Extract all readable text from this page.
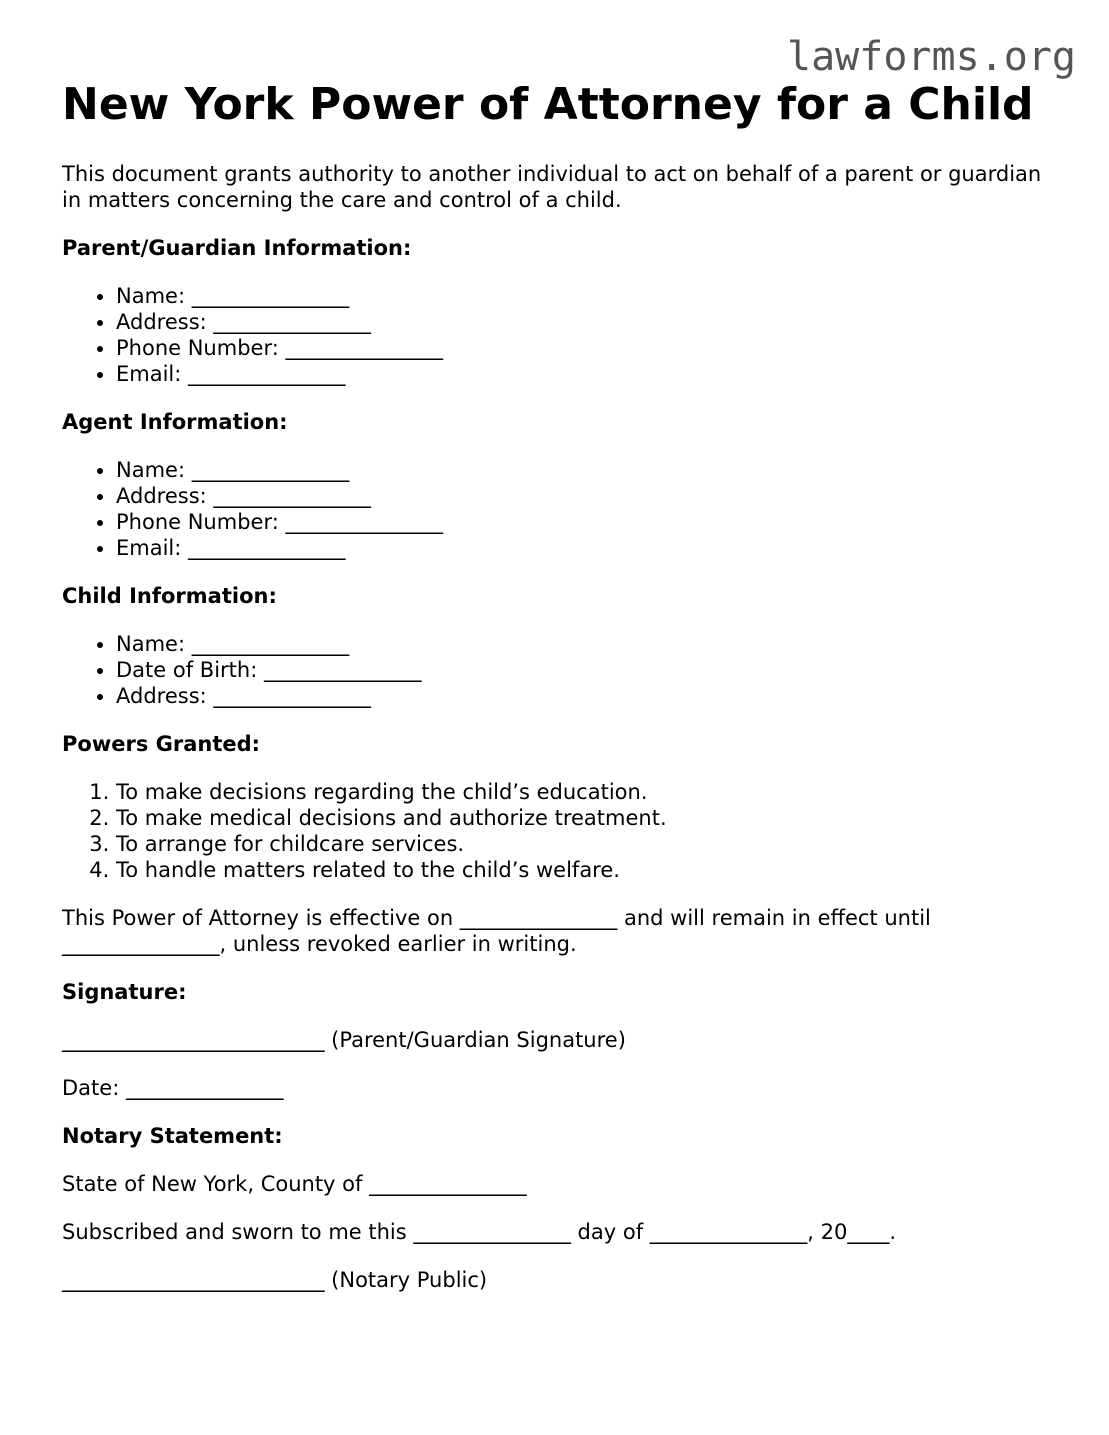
lawforms.org
New York Power of Attorney for a Child

This document grants authority to another individual to act on behalf of a parent or guardian in matters concerning the care and control of a child.

Parent/Guardian Information:
• Name: _______________
• Address: _______________
• Phone Number: _______________
• Email: _______________
Agent Information:
• Name: _______________
• Address: _______________
• Phone Number: _______________
• Email: _______________
Child Information:
• Name: _______________
• Date of Birth: _______________
• Address: _______________
Powers Granted:
1. To make decisions regarding the child’s education.
2. To make medical decisions and authorize treatment.
3. To arrange for childcare services.
4. To handle matters related to the child’s welfare.

This Power of Attorney is effective on _______________ and will remain in effect until _______________, unless revoked earlier in writing.

Signature:
_________________________ (Parent/Guardian Signature)
Date: _______________
Notary Statement:
State of New York, County of _______________
Subscribed and sworn to me this _______________ day of _______________, 20____.
_________________________ (Notary Public)
